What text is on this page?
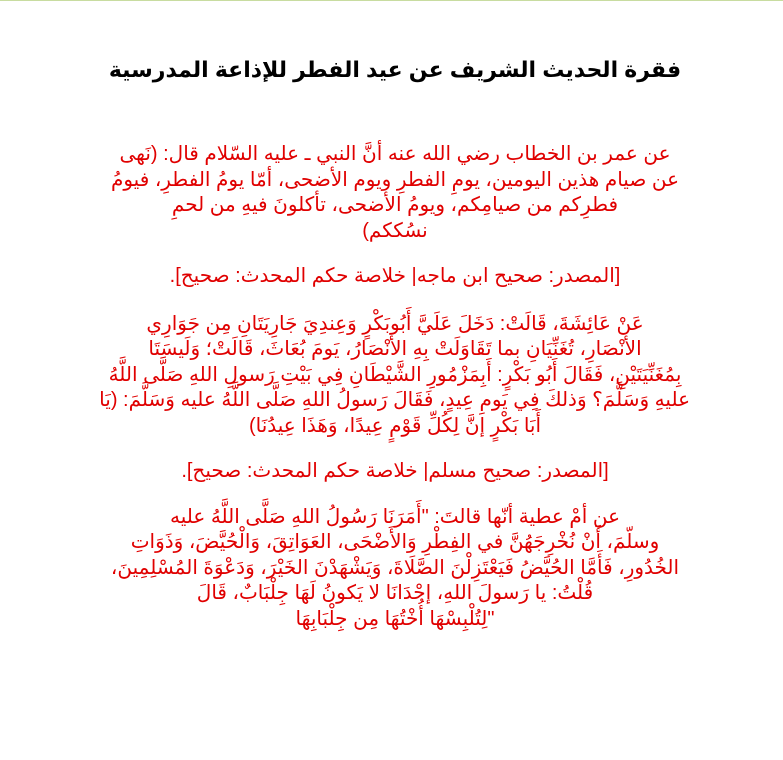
فقرة الحديث الشريف عن عيد الفطر للإذاعة المدرسية

عن عمر بن الخطاب رضي الله عنه أنَّ النبي ـ عليه السّلام قال: (نَهى
عن صيام هذين اليومين، يومِ الفطرِ ويوم الأضحى، أمّا يومُ الفطرِ، فيومُ
فطرِكم من صيامِكم، ويومُ الأضحى، تأكلونَ فيهِ من لحمِ
نسُككم)

[المصدر: صحيح ابن ماجه| خلاصة حكم المحدث: صحيح].

عَنْ عَائِشَةَ، قَالَتْ: دَخَلَ عَلَيَّ أَبُوبَكْرٍ وَعِندِيَ جَارِيَتَانِ مِن جَوَارِي
الأنْصَارِ، تُغَنِّيَانِ بما تَقَاوَلَتْ بِهِ الأنْصَارُ، يَومَ بُعَاثَ، قَالَتْ؛ وَلَيسَتَا
بِمُغَنِّيَتَيْنِ، فَقَالَ أَبُو بَكْرٍ: أَبِمَزْمُورِ الشَّيْطَانِ فِي بَيْتِ رَسولِ اللهِ صَلَّى اللَّهُ
عليهِ وَسَلَّمَ؟ وَذلكَ فِي يَومِ عِيدٍ، فَقَالَ رَسولُ اللهِ صَلَّى اللَّهُ عليه وَسَلَّمَ: (يَا
أَبَا بَكْرٍ إنَّ لِكُلِّ قَوْمٍ عِيدًا، وَهَذَا عِيدُنَا)

[المصدر: صحيح مسلم| خلاصة حكم المحدث: صحيح].

عن أمْ عطية أنّها قالتَ: "أَمَرَنَا رَسُولُ اللهِ صَلَّى اللَّهُ عليه
وسلّمَ، أَنْ نُخْرِجَهُنَّ في الفِطْرِ وَالأَضْحَى، العَوَاتِقَ، وَالْحُيَّضَ، وَذَوَاتِ
الخُدُورِ، فَأَمَّا الحُيَّضُ فَيَعْتَزِلْنَ الصَّلَاةَ، وَيَشْهَدْنَ الخَيْرَ، وَدَعْوَةَ المُسْلِمِينَ،
قُلْتُ: يا رَسولَ اللهِ، إحْدَانَا لا يَكونُ لَهَا جِلْبَابٌ، قَالَ
"لِتُلْبِسْهَا أُخْتُهَا مِن جِلْبَابِهَا
